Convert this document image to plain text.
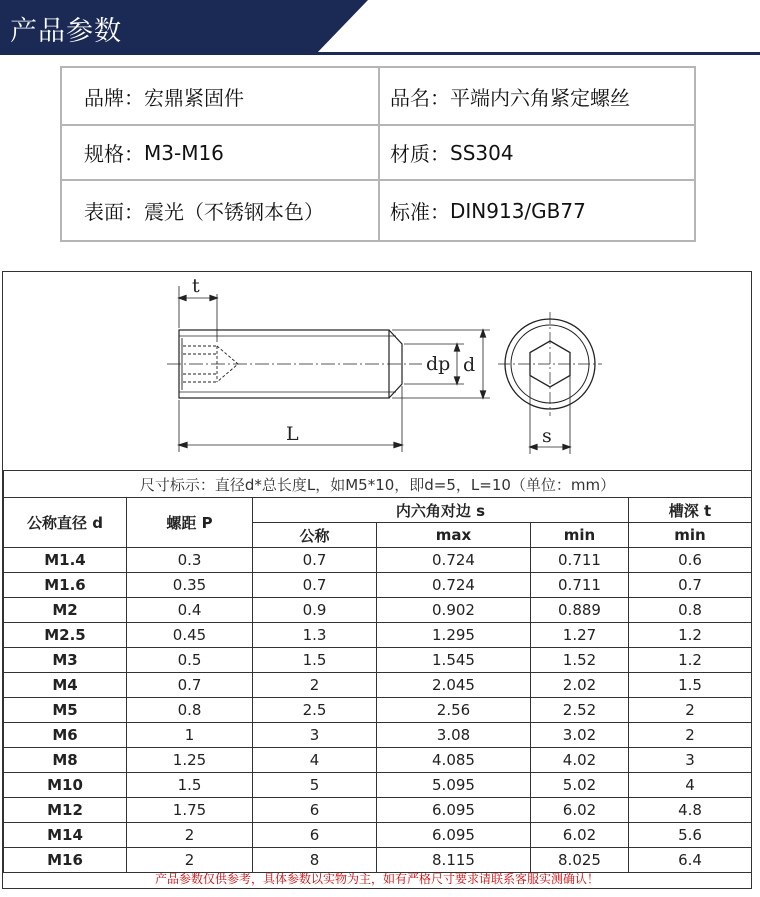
产品参数
品牌： 宏鼎紧固件	品名： 平端内六角紧定螺丝
规格： M3-M16	材质： SS304
表面： 震光（不锈钢本色）	标准： DIN913/GB77
t
L
dp d
s
尺寸标示：直径d*总长度L，如M5*10，即d=5，L=10（单位：mm）					
公称直径 d	螺距 P	内六角对边 s			槽深 t
		公称	max	min	min
M1.4	0.3	0.7	0.724	0.711	0.6
M1.6	0.35	0.7	0.724	0.711	0.7
M2	0.4	0.9	0.902	0.889	0.8
M2.5	0.45	1.3	1.295	1.27	1.2
M3	0.5	1.5	1.545	1.52	1.2
M4	0.7	2	2.045	2.02	1.5
M5	0.8	2.5	2.56	2.52	2
M6	1	3	3.08	3.02	2
M8	1.25	4	4.085	4.02	3
M10	1.5	5	5.095	5.02	4
M12	1.75	6	6.095	6.02	4.8
M14	2	6	6.095	6.02	5.6
M16	2	8	8.115	8.025	6.4
产品参数仅供参考，具体参数以实物为主，如有严格尺寸要求请联系客服实测确认！
